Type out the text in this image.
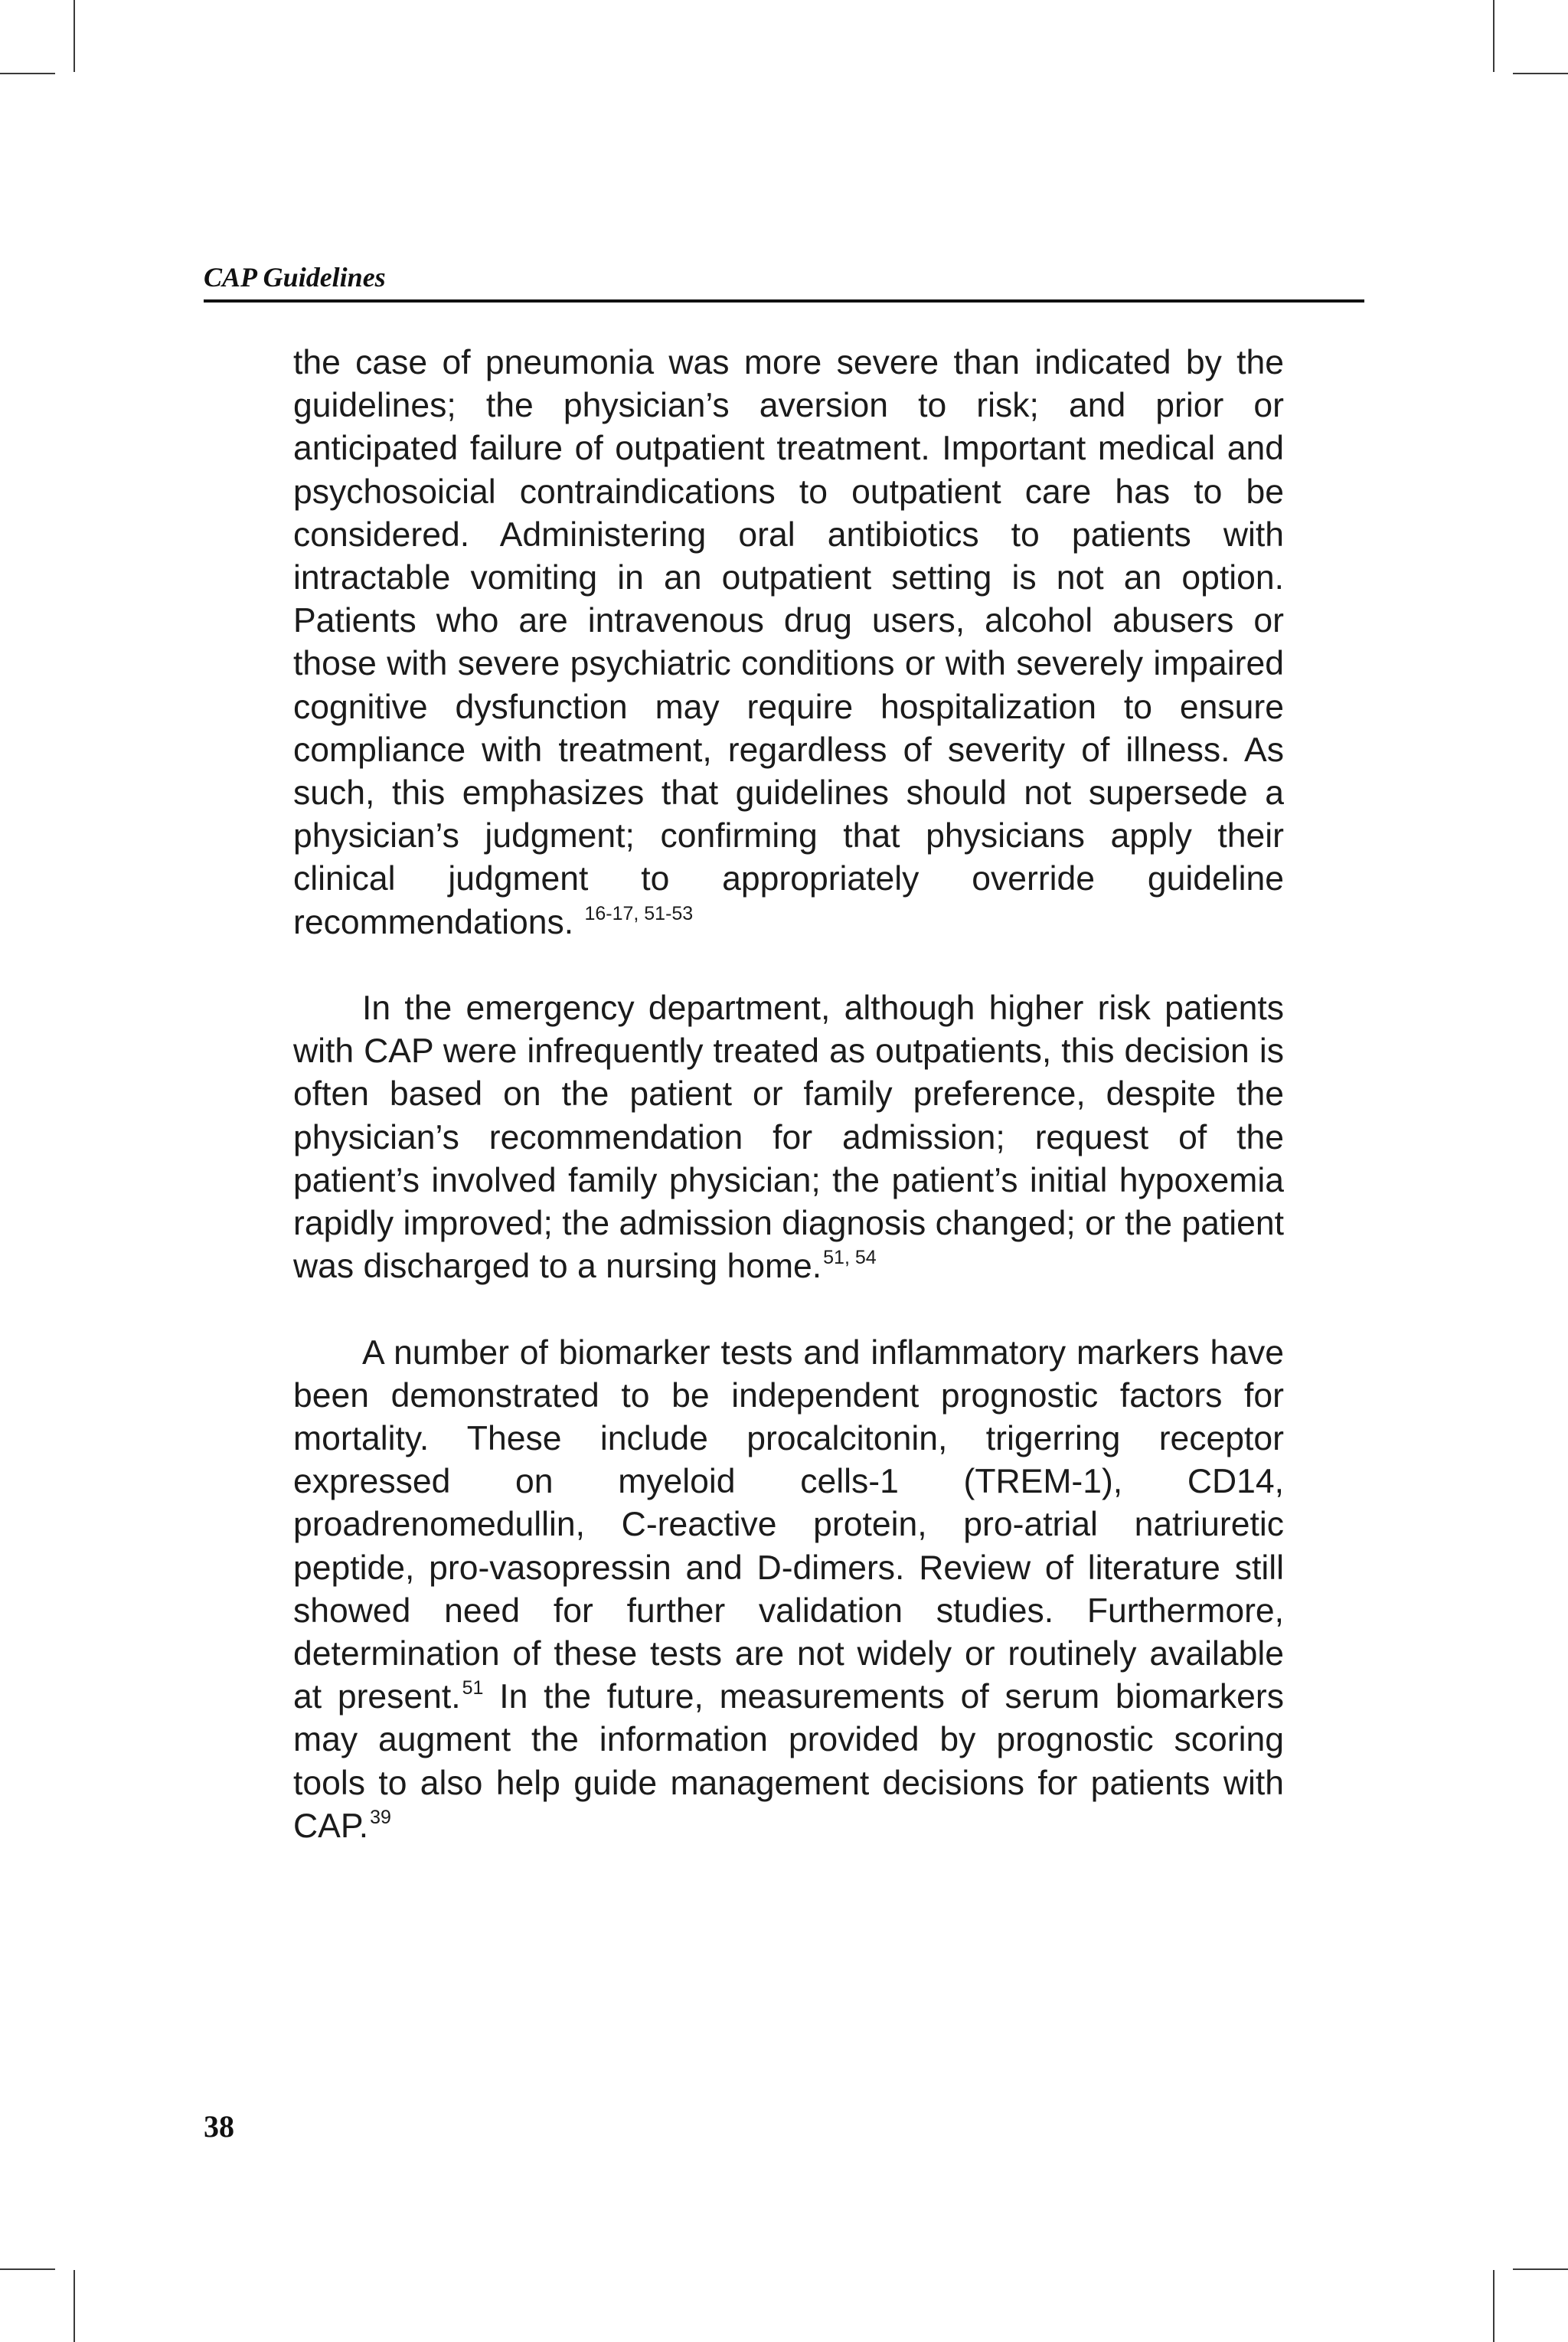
CAP Guidelines

the case of pneumonia was more severe than indicated by the guidelines; the physician’s aversion to risk; and prior or anticipated failure of outpatient treatment. Important medical and psychosoicial contraindications to outpatient care has to be considered. Administering oral antibiotics to patients with intractable vomiting in an outpatient setting is not an option. Patients who are intravenous drug users, alcohol abusers or those with severe psychiatric conditions or with severely impaired cognitive dysfunction may require hospitalization to ensure compliance with treatment, regardless of severity of illness. As such, this emphasizes that guidelines should not supersede a physician’s judgment; confirming that physicians apply their clinical judgment to appropriately override guideline recommendations. $^{16-17, 51-53}$

In the emergency department, although higher risk patients with CAP were infrequently treated as outpatients, this decision is often based on the patient or family preference, despite the physician’s recommendation for admission; request of the patient’s involved family physician; the patient’s initial hypoxemia rapidly improved; the admission diagnosis changed; or the patient was discharged to a nursing home.$^{51, 54}$

A number of biomarker tests and inflammatory markers have been demonstrated to be independent prognostic factors for mortality. These include procalcitonin, trigerring receptor expressed on myeloid cells-1 (TREM-1), CD14, proadrenomedullin, C-reactive protein, pro-atrial natriuretic peptide, pro-vasopressin and D-dimers. Review of literature still showed need for further validation studies. Furthermore, determination of these tests are not widely or routinely available at present.$^{51}$ In the future, measurements of serum biomarkers may augment the information provided by prognostic scoring tools to also help guide management decisions for patients with CAP.$^{39}$

38
